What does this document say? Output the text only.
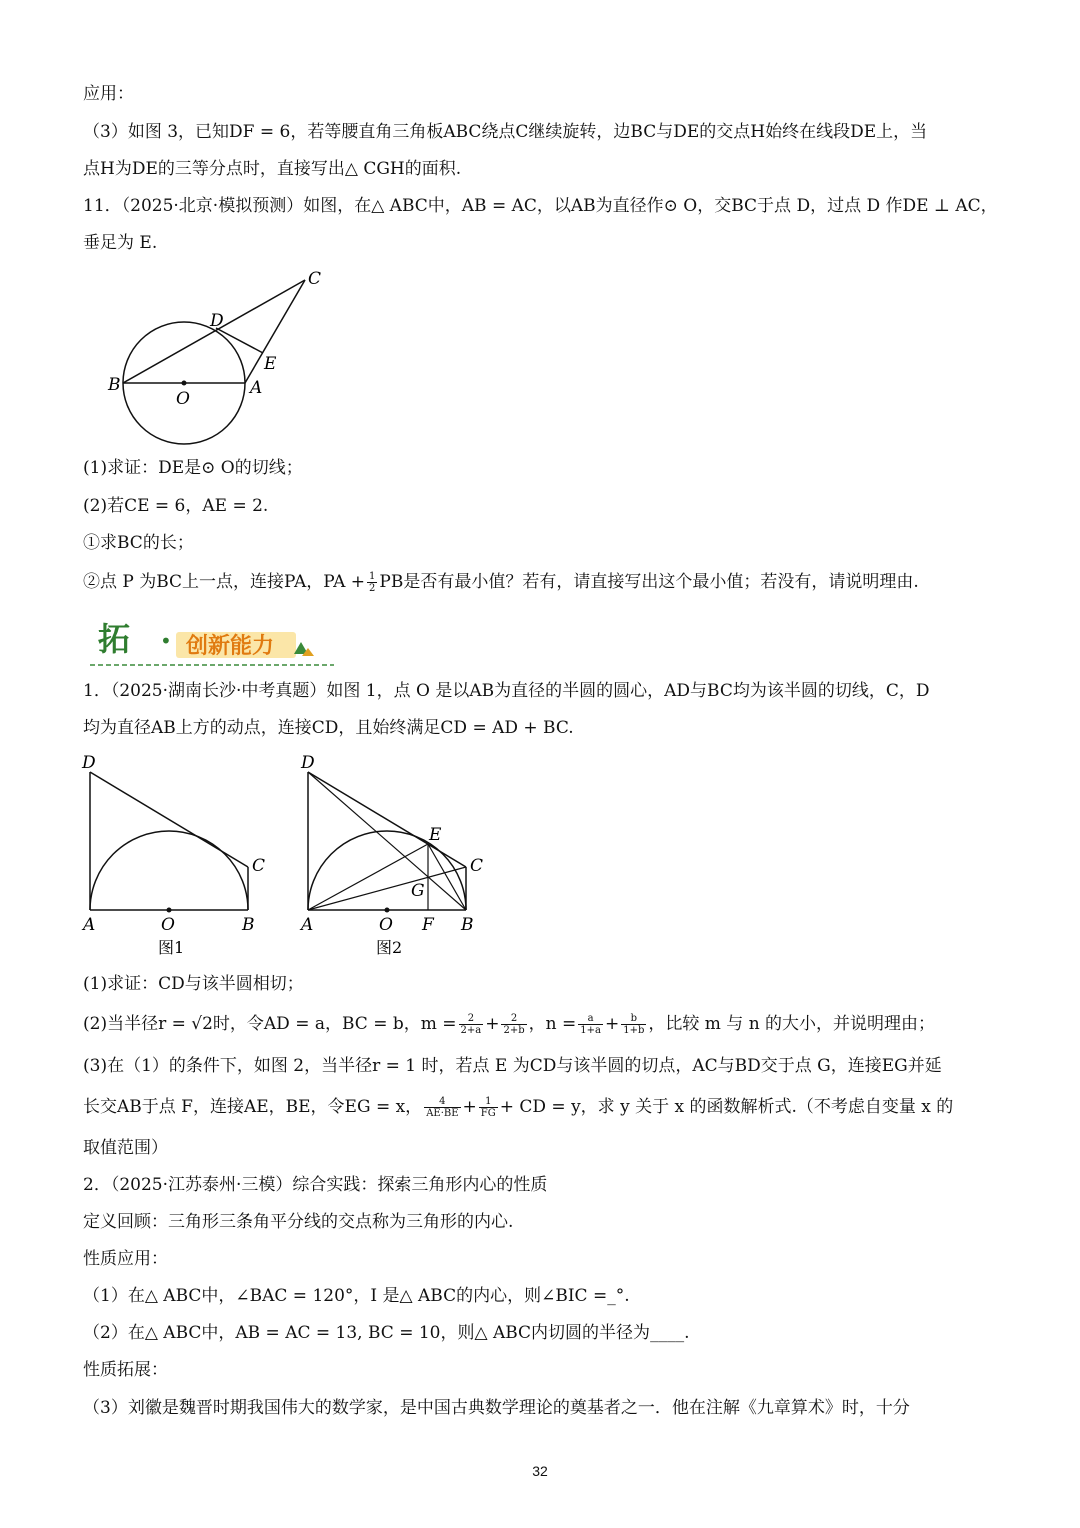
应用：
（3）如图 3，已知DF = 6，若等腰直角三角板ABC绕点C继续旋转，边BC与DE的交点H始终在线段DE上，当
点H为DE的三等分点时，直接写出△ CGH的面积.
11．（2025·北京·模拟预测）如图，在△ ABC中，AB = AC，以AB为直径作⊙ O，交BC于点 D，过点 D 作DE ⊥ AC，
垂足为 E.
B
O
A
D
E
C
(1)求证：DE是⊙ O的切线；
(2)若CE = 6，AE = 2.
①求BC的长；
②点 P 为BC上一点，连接PA，PA + $\frac{1}{2}$ PB是否有最小值？若有，请直接写出这个最小值；若没有，请说明理由.
拓 • 创新能力
1．（2025·湖南长沙·中考真题）如图 1，点 O 是以AB为直径的半圆的圆心，AD与BC均为该半圆的切线，C，D
均为直径AB上方的动点，连接CD，且始终满足CD = AD + BC.
D
C
A	O	B
图1
D
E
C
G
A	O F B
图2
(1)求证：CD与该半圆相切；
(2)当半径r = √2时，令AD = a，BC = b，$m = \frac{2}{2+a} + \frac{2}{2+b}$ ，$n = \frac{a}{1+a} + \frac{b}{1+b}$ ，比较 m 与 n 的大小，并说明理由；
(3)在（1）的条件下，如图 2，当半径r = 1 时，若点 E 为CD与该半圆的切点，AC与BD交于点 G，连接EG并延
长交AB于点 F，连接AE，BE，令EG = x， $\frac{4}{AE\cdot BE} + \frac{1}{FG}$ + CD = y，求 y 关于 x 的函数解析式.（不考虑自变量 x 的
取值范围）
2．（2025·江苏泰州·三模）综合实践：探索三角形内心的性质
定义回顾：三角形三条角平分线的交点称为三角形的内心.
性质应用：
（1）在△ ABC中，∠BAC = 120°，I 是△ ABC的内心，则∠BIC =_°.
（2）在△ ABC中，AB = AC = 13, BC = 10，则△ ABC内切圆的半径为____.
性质拓展：
（3）刘徽是魏晋时期我国伟大的数学家，是中国古典数学理论的奠基者之一．他在注解《九章算术》时，十分
32
